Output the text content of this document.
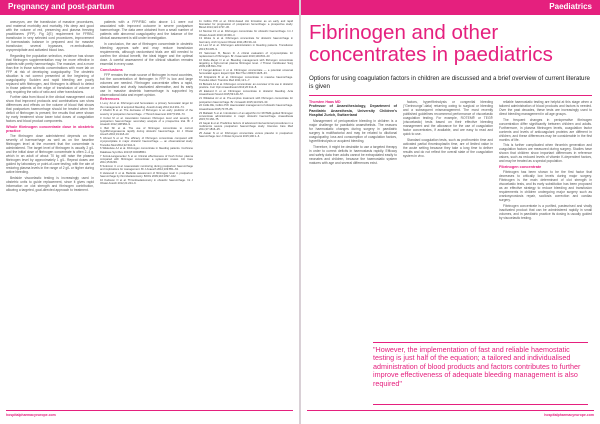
Pregnancy and post-partum	Paediatrics

aneurysm, are the transfusion of massive procedures, and maternal morbidity and mortality. His deep and good with the volume of red, preserving and plasma freezing practitioners (FFP). Fig 2(E) requirement for FFRBC transfusion in very selected cord procedures, improvement of haemostasis balance in prepared and for massive transfusion; several bypasses, re-embolisation, cryoprecipitate and activated blood loss.

Regarding the population selection, evidence has shown that fibrinogen supplementation may be more effective in patients with pretty haemorrhagic. The massive, and a more than five in those sclerotic concentrations with more lab on FFP at risk of developing coagulopathy. The obstetric situation is not correct presented at the beginning of coagulopathy. Sudden and rapid bleeding are poorly replaced with fibrinogen, and fibrinogen is difficult to detect in those patients at the edge of transfusion of volume or only requiring the ratio of ratio and other transfusions.

Further data from blood in the clinical management could show that improved protocols and combinations can show differences and effects on the volume of blood that shows that postpartum haemorrhage should be treated when the deficit of fibrinogen is present; the results that were shown by early treatment show lower total doses of coagulation factors and blood product components.

Whole fibrinogen concentrate dose in obstetric practice

The fibrinogen dose administered depends on the severity of haemorrhage as well as on the baseline fibrinogen level at the moment that the concentrate is administered. The target level of fibrinogen is usually 2 g/L and the initial dose of fibrinogen concentrate is often 2–4 g, which in an adult of about 70 kg will raise the plasma fibrinogen level by approximately 1 g/L. Repeat doses are guided by laboratory or point-of-care testing, with the aim of restoring plasma levels in the range of 2 g/L or higher during active bleeding.

Bedside viscoelastic testing is increasingly used in obstetric units to guide replacement, since it gives rapid information on clot strength and fibrinogen contribution, allowing a targeted, goal-directed approach to treatment.

patients with a FFP/RBC ratio above 1:1 were not associated with improved outcome in severe postpartum haemorrhage. The data were obtained from a small number of patients with abnormal coagulopathy and the balance of the clinical assessment is still under investigation.

In conclusion, the use of fibrinogen concentrate in obstetric bleeding appears safe and may reduce transfusion requirements, although randomised trials are still needed to confirm the clinical benefit, the ideal trigger and the optimal dose. A careful assessment of the clinical situation remains essential in every case.

Conclusions

FFP remains the main source of fibrinogen in most countries, but the concentration of fibrinogen in FFP is low and large volumes are needed. Fibrinogen concentrate offers a rapid, standardised and virally inactivated alternative, and its early use in massive obstetric haemorrhage is supported by observational data and expert opinion.

References

1 Levy JH et al. Fibrinogen and hemostasis: a primary hemostatic target for the management of acquired bleeding. Anesth Analg 2012;114:261–74.

2 Charbit B et al. The decrease of fibrinogen is an early predictor of the severity of postpartum hemorrhage. J Thromb Haemost 2007;5:266–73.

3 Cortet M et al. Association between fibrinogen level and severity of postpartum haemorrhage: secondary analysis of a prospective trial. Br J Anaesth 2012;108:984–9.

4 Bell SF et al. The use of fibrinogen concentrate to correct hypofibrinogenaemia rapidly during obstetric haemorrhage. Int J Obstet Anesth 2010;19:218–23.

5 Ahmed S et al. The efficacy of fibrinogen concentrate compared with cryoprecipitate in major obstetric haemorrhage — an observational study. Transfus Med 2012;22:344–9.

6 Wikkelsoe AJ et al. Fibrinogen concentrate in bleeding patients. Cochrane Database Syst Rev 2013;8:CD008864.

7 Kozek-Langenecker S et al. Clinical effectiveness of fresh frozen plasma compared with fibrinogen concentrate: a systematic review. Crit Care 2011;15:R239.

8 Solomon C et al. Haemostatic monitoring during postpartum haemorrhage and implications for management. Br J Anaesth 2012;109:851–63.

9 Huissoud C et al. Bedside assessment of fibrinogen level in postpartum haemorrhage by thrombelastometry. BJOG 2009;116:1097–102.

10 Karlsson O et al. Thromboelastometry in obstetric haemorrhage. Int J Obstet Anesth 2012;21:224–9.

11 Collins PW et al. Fibrin-based clot formation as an early and rapid biomarker for progression of postpartum hemorrhage: a prospective study. Blood 2014;124:1727–36.

12 Mercier FJ et al. Fibrinogen concentrate for obstetric haemorrhage. Int J Obstet Anesth 2010;19:360–3.

13 Weiss G et al. Fibrinogen concentrate for obstetric haemorrhage in Germany. Arch Gynecol Obstet 2011;283:39–44.

14 Levi M et al. Fibrinogen administration in bleeding patients. Transfusion 2013;53:205–9.

15 Sørensen B, Bevan D. A critical evaluation of cryoprecipitate for replacement of fibrinogen. Br J Haematol 2010;149:834–43.

16 Rahe-Meyer N et al. Bleeding management with fibrinogen concentrate targeting a high-normal plasma fibrinogen level. J Thorac Cardiovasc Surg 2009;138:694–702.

17 Fenger-Eriksen C et al. Fibrinogen concentrate — a potential universal hemostatic agent. Expert Opin Biol Ther 2009;9:1325–33.

18 Kirkpatrick B et al. Fibrinogen concentrate in massive haemorrhage. Transfus Altern Transfus Med 2011;12:1–7.

19 Butwick AJ et al. Fibrinogen concentrate: an overview of its use in obstetric practice. Curr Opin Anaesthesiol 2013;26:312–8.

20 Ekelund K et al. Fibrinogen concentrate in obstetric bleeding. Acta Anaesthesiol Scand 2015;59:149–57.

21 Wikkelsø AJ et al. Pre-emptive treatment with fibrinogen concentrate for postpartum haemorrhage. Br J Anaesth 2015;114:623–33.

22 Collis RE, Collins PW. Haemostatic management of obstetric haemorrhage. Anaesthesia 2015;70:78–86.

23 Mallaiah S et al. Introduction of an algorithm for ROTEM-guided fibrinogen concentrate administration in major obstetric haemorrhage. Anaesthesia 2015;70:166–75.

24 Gayat E et al. Predictive factors of advanced interventional procedures in a multicentre severe postpartum haemorrhage study. Intensive Care Med 2011;37:1816–25.

25 Aawar N et al. Fibrinogen concentrate versus placebo in postpartum haemorrhage. Eur J Obstet Gynecol 2015;190:1–6.

Fibrinogen and other concentrates in paediatrics
Options for using coagulation factors in children are discussed and a brief overview of current literature is given
Thorsten Haas MD
Professor of Anaesthesiology, Department of Paediatric Anaesthesia, University Children's Hospital Zurich, Switzerland

Management of perioperative bleeding in children is a major challenge for paediatric anaesthetists. The reasons for haemostatic changes during surgery in paediatric surgery is multifactorial and may be related to dilutional coagulopathy, loss and consumption of coagulation factors, hyperfibrinolysis or acquired bleeding.

Therefore, it might be desirable to use a targeted therapy in order to correct deficits in haemostasis rapidly. Efficacy and safety data from adults cannot be extrapolated easily to neonates and children, because the haemostatic system matures with age and several differences exist.

factors, hyperfibrinolysis or congenital bleeding ("Gerinnungs"-data) returning owing to surgical or bleeding and a subsequent mismanagement. The most recently published guidelines recommend performance of viscoelastic coagulation testing. For example, ROTEM® or TEG® (viscoelastic) tests based on their effective bleeding management and the allowance for the use of coagulation factor concentrates, if available, and are easy to read and quick to use.

Standard coagulation tests, such as prothrombin time and activated partial thromboplastin time, are of limited value in the acute setting because they take a long time to deliver results and do not reflect the overall state of the coagulation system in vivo.

reliable haemostatic testing are helpful at this stage when a tailored administration of blood products and factors is needed. Over the past decades, these tests are increasingly used to direct bleeding management in all age groups.

The frequent changes in perioperative fibrinogen concentration differ significantly between children and adults. Furthermore, in plasma fibrinogen levels, coagulation factor contents and levels of anticoagulant proteins are different in children, and these differences may be considerable in the first months of life.

This is further complicated when thrombin generation and coagulation factors are measured during surgery. Studies have shown that children show important differences in reference values, such as reduced levels of vitamin K-dependent factors, and may be treated as a special population.

Fibrinogen concentrate

Fibrinogen has been shown to be the first factor that decreases to critically low levels during major surgery. Fibrinogen is the main determinant of clot strength in viscoelastic tests, and its early substitution has been proposed as an effective strategy to reduce bleeding and transfusion requirements in children undergoing major surgery such as craniosynostosis repair, scoliosis correction and cardiac surgery.

Fibrinogen concentrate is a purified, pasteurised and virally inactivated product that can be administered rapidly in small volumes, and in paediatric practice its dosing is usually guided by viscoelastic testing.

"However, the implementation of fast and reliable haemostatic testing is just half of the equation; a tailored and individualised administration of blood products and factors contributes to further improve effectiveness of adequate bleeding management is also required"
hospitalpharmacyeurope.com	hospitalpharmacyeurope.com
